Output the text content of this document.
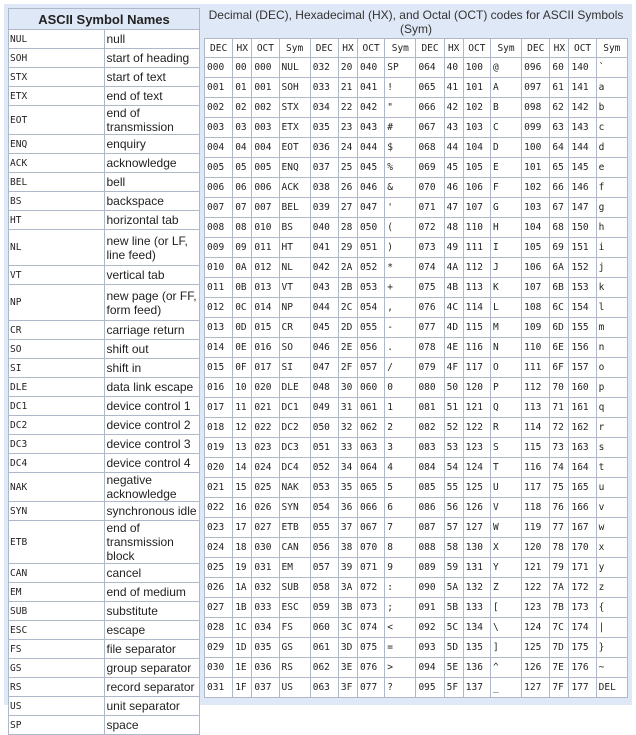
ASCII Symbol Names	
NUL	null
SOH	start of heading
STX	start of text
ETX	end of text
EOT	end of transmission
ENQ	enquiry
ACK	acknowledge
BEL	bell
BS	backspace
HT	horizontal tab
NL	new line (or LF, line feed)
VT	vertical tab
NP	new page (or FF, form feed)
CR	carriage return
SO	shift out
SI	shift in
DLE	data link escape
DC1	device control 1
DC2	device control 2
DC3	device control 3
DC4	device control 4
NAK	negative acknowledge
SYN	synchronous idle
ETB	end of transmission block
CAN	cancel
EM	end of medium
SUB	substitute
ESC	escape
FS	file separator
GS	group separator
RS	record separator
US	unit separator
SP	space
Decimal (DEC), Hexadecimal (HX), and Octal (OCT) codes for ASCII Symbols (Sym)
DEC	HX	OCT	Sym	DEC	HX	OCT	Sym	DEC	HX	OCT	Sym	DEC	HX	OCT	Sym
000	00	000	NUL	032	20	040	SP	064	40	100	@	096	60	140	`
001	01	001	SOH	033	21	041	!	065	41	101	A	097	61	141	a
002	02	002	STX	034	22	042	"	066	42	102	B	098	62	142	b
003	03	003	ETX	035	23	043	#	067	43	103	C	099	63	143	c
004	04	004	EOT	036	24	044	$	068	44	104	D	100	64	144	d
005	05	005	ENQ	037	25	045	%	069	45	105	E	101	65	145	e
006	06	006	ACK	038	26	046	&	070	46	106	F	102	66	146	f
007	07	007	BEL	039	27	047	'	071	47	107	G	103	67	147	g
008	08	010	BS	040	28	050	(	072	48	110	H	104	68	150	h
009	09	011	HT	041	29	051	)	073	49	111	I	105	69	151	i
010	0A	012	NL	042	2A	052	*	074	4A	112	J	106	6A	152	j
011	0B	013	VT	043	2B	053	+	075	4B	113	K	107	6B	153	k
012	0C	014	NP	044	2C	054	,	076	4C	114	L	108	6C	154	l
013	0D	015	CR	045	2D	055	-	077	4D	115	M	109	6D	155	m
014	0E	016	SO	046	2E	056	.	078	4E	116	N	110	6E	156	n
015	0F	017	SI	047	2F	057	/	079	4F	117	O	111	6F	157	o
016	10	020	DLE	048	30	060	0	080	50	120	P	112	70	160	p
017	11	021	DC1	049	31	061	1	081	51	121	Q	113	71	161	q
018	12	022	DC2	050	32	062	2	082	52	122	R	114	72	162	r
019	13	023	DC3	051	33	063	3	083	53	123	S	115	73	163	s
020	14	024	DC4	052	34	064	4	084	54	124	T	116	74	164	t
021	15	025	NAK	053	35	065	5	085	55	125	U	117	75	165	u
022	16	026	SYN	054	36	066	6	086	56	126	V	118	76	166	v
023	17	027	ETB	055	37	067	7	087	57	127	W	119	77	167	w
024	18	030	CAN	056	38	070	8	088	58	130	X	120	78	170	x
025	19	031	EM	057	39	071	9	089	59	131	Y	121	79	171	y
026	1A	032	SUB	058	3A	072	:	090	5A	132	Z	122	7A	172	z
027	1B	033	ESC	059	3B	073	;	091	5B	133	[	123	7B	173	{
028	1C	034	FS	060	3C	074	<	092	5C	134	\	124	7C	174	|
029	1D	035	GS	061	3D	075	=	093	5D	135	]	125	7D	175	}
030	1E	036	RS	062	3E	076	>	094	5E	136	^	126	7E	176	~
031	1F	037	US	063	3F	077	?	095	5F	137	_	127	7F	177	DEL
